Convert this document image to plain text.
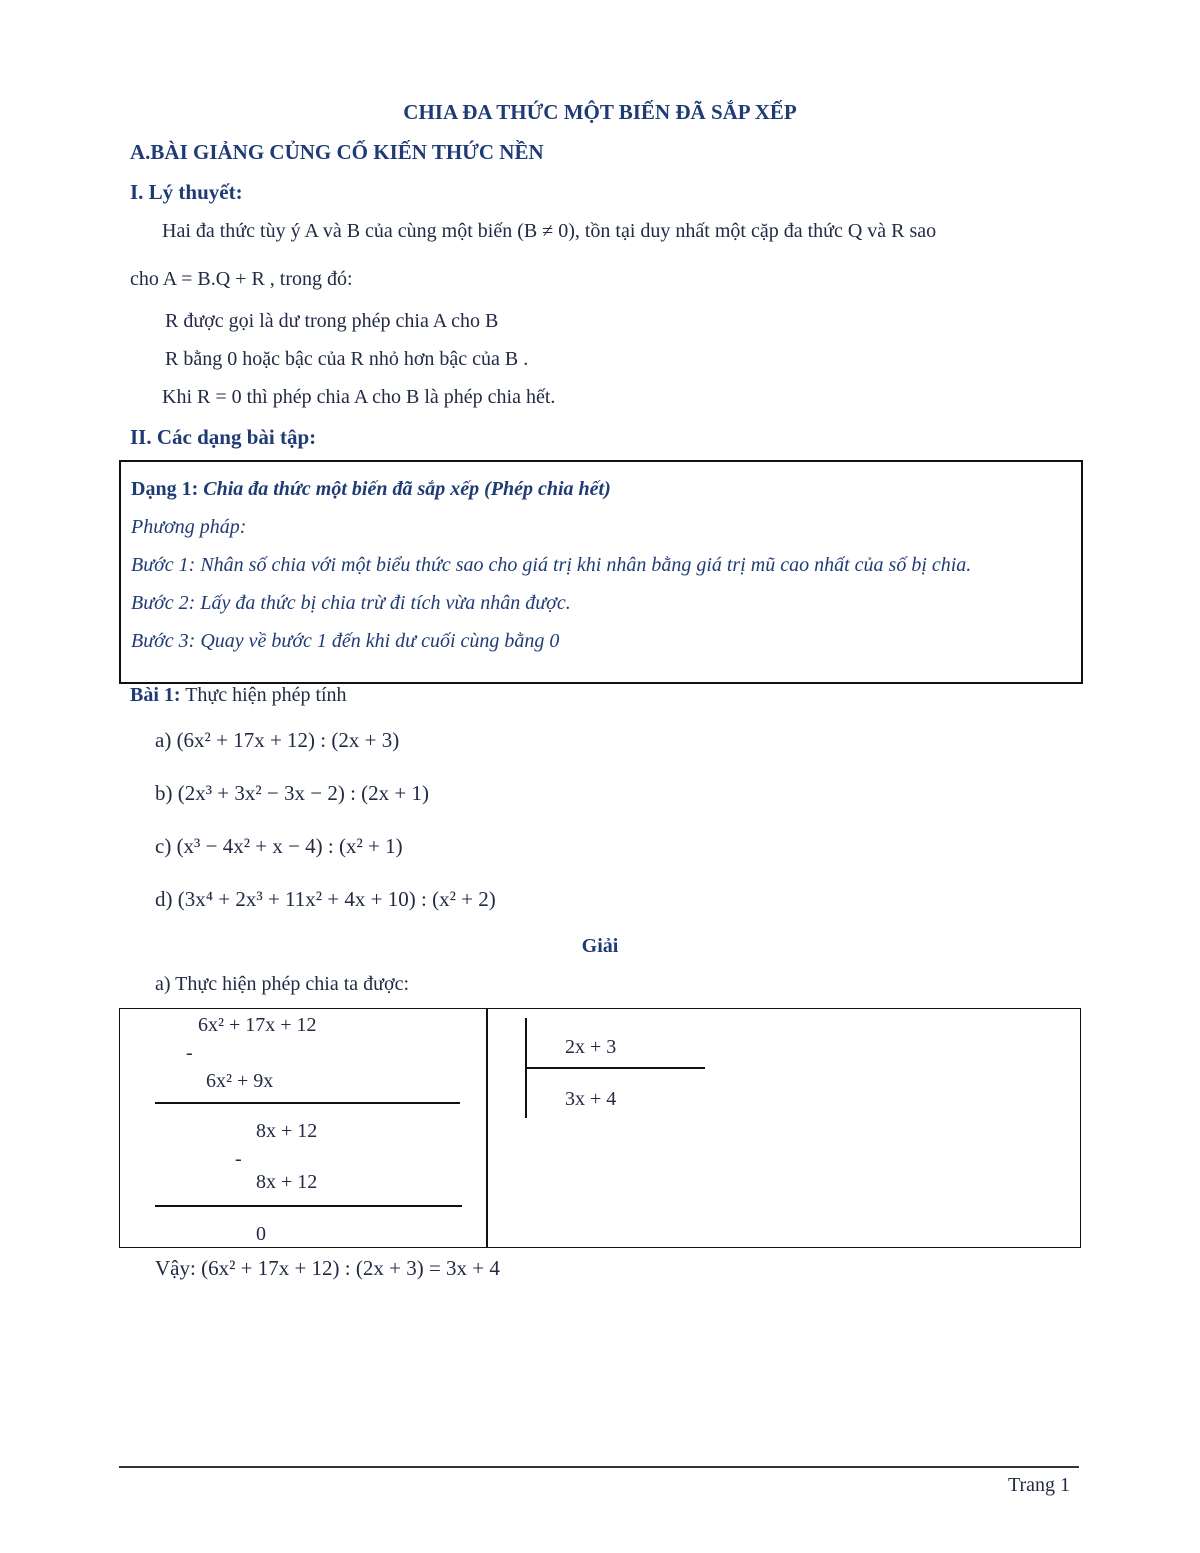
CHIA ĐA THỨC MỘT BIẾN ĐÃ SẮP XẾP
A.BÀI GIẢNG CỦNG CỐ KIẾN THỨC NỀN
I. Lý thuyết:
Hai đa thức tùy ý A và B của cùng một biến (B ≠ 0), tồn tại duy nhất một cặp đa thức Q và R sao
cho A = B.Q + R , trong đó:
R được gọi là dư trong phép chia A cho B
R bằng 0 hoặc bậc của R nhỏ hơn bậc của B .
Khi R = 0 thì phép chia A cho B là phép chia hết.
II. Các dạng bài tập:
Dạng 1: Chia đa thức một biến đã sắp xếp (Phép chia hết)
Phương pháp:
Bước 1: Nhân số chia với một biểu thức sao cho giá trị khi nhân bằng giá trị mũ cao nhất của số bị chia.
Bước 2: Lấy đa thức bị chia trừ đi tích vừa nhân được.
Bước 3: Quay về bước 1 đến khi dư cuối cùng bằng 0
Bài 1: Thực hiện phép tính
a) (6x² + 17x + 12) : (2x + 3)
b) (2x³ + 3x² − 3x − 2) : (2x + 1)
c) (x³ − 4x² + x − 4) : (x² + 1)
d) (3x⁴ + 2x³ + 11x² + 4x + 10) : (x² + 2)
Giải
a) Thực hiện phép chia ta được:
6x² + 17x + 12
-
6x² + 9x
8x + 12
-
8x + 12
0
2x + 3
3x + 4
Vậy: (6x² + 17x + 12) : (2x + 3) = 3x + 4
Trang 1
